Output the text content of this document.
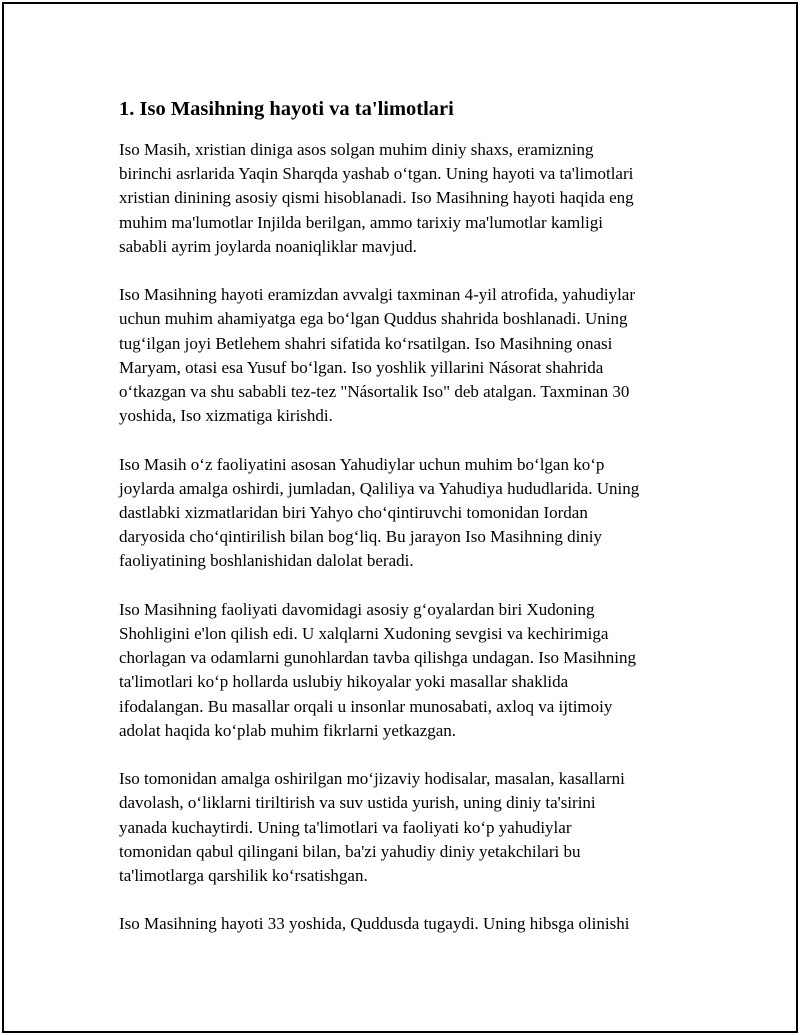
1. Iso Masihning hayoti va ta'limotlari

Iso Masih, xristian diniga asos solgan muhim diniy shaxs, eramizning
birinchi asrlarida Yaqin Sharqda yashab oʻtgan. Uning hayoti va ta'limotlari
xristian dinining asosiy qismi hisoblanadi. Iso Masihning hayoti haqida eng
muhim ma'lumotlar Injilda berilgan, ammo tarixiy ma'lumotlar kamligi
sababli ayrim joylarda noaniqliklar mavjud.

Iso Masihning hayoti eramizdan avvalgi taxminan 4-yil atrofida, yahudiylar
uchun muhim ahamiyatga ega boʻlgan Quddus shahrida boshlanadi. Uning
tugʻilgan joyi Betlehem shahri sifatida koʻrsatilgan. Iso Masihning onasi
Maryam, otasi esa Yusuf boʻlgan. Iso yoshlik yillarini Násorat shahrida
oʻtkazgan va shu sababli tez-tez "Násortalik Iso" deb atalgan. Taxminan 30
yoshida, Iso xizmatiga kirishdi.

Iso Masih oʻz faoliyatini asosan Yahudiylar uchun muhim boʻlgan koʻp
joylarda amalga oshirdi, jumladan, Qaliliya va Yahudiya hududlarida. Uning
dastlabki xizmatlaridan biri Yahyo choʻqintiruvchi tomonidan Iordan
daryosida choʻqintirilish bilan bogʻliq. Bu jarayon Iso Masihning diniy
faoliyatining boshlanishidan dalolat beradi.

Iso Masihning faoliyati davomidagi asosiy gʻoyalardan biri Xudoning
Shohligini e'lon qilish edi. U xalqlarni Xudoning sevgisi va kechirimiga
chorlagan va odamlarni gunohlardan tavba qilishga undagan. Iso Masihning
ta'limotlari koʻp hollarda uslubiy hikoyalar yoki masallar shaklida
ifodalangan. Bu masallar orqali u insonlar munosabati, axloq va ijtimoiy
adolat haqida koʻplab muhim fikrlarni yetkazgan.

Iso tomonidan amalga oshirilgan moʻjizaviy hodisalar, masalan, kasallarni
davolash, oʻliklarni tiriltirish va suv ustida yurish, uning diniy ta'sirini
yanada kuchaytirdi. Uning ta'limotlari va faoliyati koʻp yahudiylar
tomonidan qabul qilingani bilan, ba'zi yahudiy diniy yetakchilari bu
ta'limotlarga qarshilik koʻrsatishgan.

Iso Masihning hayoti 33 yoshida, Quddusda tugaydi. Uning hibsga olinishi
